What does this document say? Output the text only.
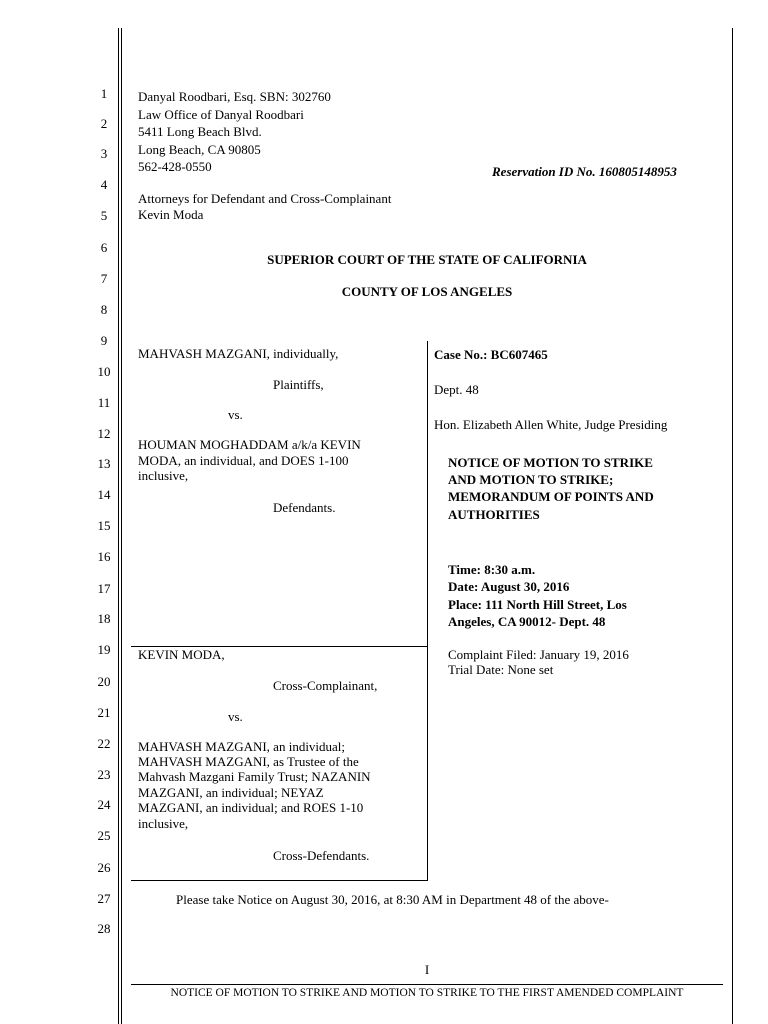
1
2
3
4
5
6
7
8
9
10
11
12
13
14
15
16
17
18
19
20
21
22
23
24
25
26
27
28
Danyal Roodbari, Esq. SBN: 302760
Law Office of Danyal Roodbari
5411 Long Beach Blvd.
Long Beach, CA 90805
562-428-0550	Reservation ID No. 160805148953
Attorneys for Defendant and Cross-Complainant
Kevin Moda
SUPERIOR COURT OF THE STATE OF CALIFORNIA
COUNTY OF LOS ANGELES
MAHVASH MAZGANI, individually,
Plaintiffs,
vs.
HOUMAN MOGHADDAM a/k/a KEVIN
MODA, an individual, and DOES 1-100
inclusive,
Defendants.
KEVIN MODA,
Cross-Complainant,
vs.
MAHVASH MAZGANI, an individual;
MAHVASH MAZGANI, as Trustee of the
Mahvash Mazgani Family Trust; NAZANIN
MAZGANI, an individual; NEYAZ
MAZGANI, an individual; and ROES 1-10
inclusive,
Cross-Defendants.
Case No.: BC607465
Dept. 48
Hon. Elizabeth Allen White, Judge Presiding
NOTICE OF MOTION TO STRIKE
AND MOTION TO STRIKE;
MEMORANDUM OF POINTS AND
AUTHORITIES
Time: 8:30 a.m.
Date: August 30, 2016
Place: 111 North Hill Street, Los
Angeles, CA 90012- Dept. 48
Complaint Filed: January 19, 2016
Trial Date: None set
Please take Notice on August 30, 2016, at 8:30 AM in Department 48 of the above-
I
NOTICE OF MOTION TO STRIKE AND MOTION TO STRIKE TO THE FIRST AMENDED COMPLAINT
